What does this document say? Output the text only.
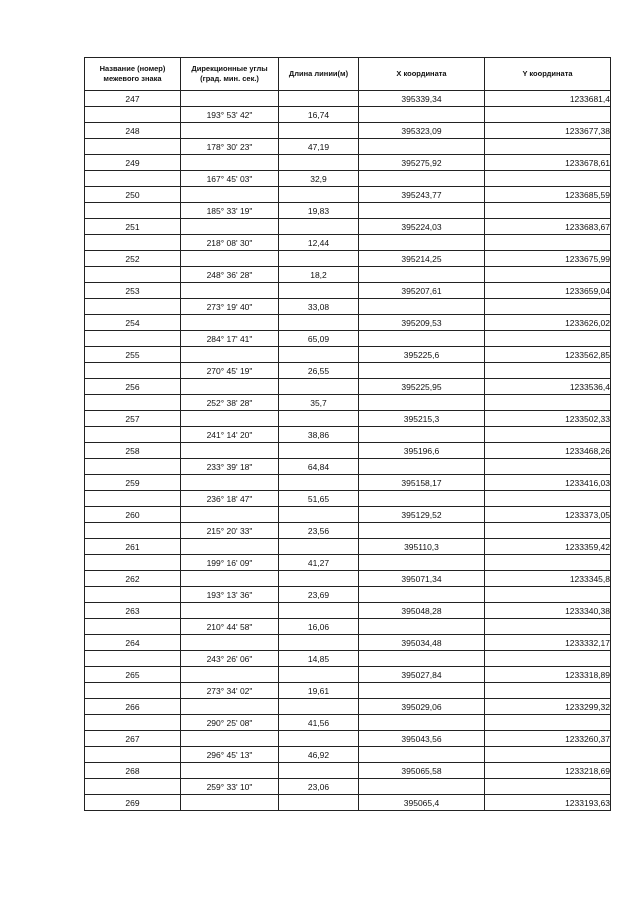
Название (номер)
межевого знака	Дирекционные углы
(град. мин. сек.)	Длина линии(м)	X координата	Y координата
247			395339,34	1233681,4
	193° 53' 42"	16,74		
248			395323,09	1233677,38
	178° 30' 23"	47,19		
249			395275,92	1233678,61
	167° 45' 03"	32,9		
250			395243,77	1233685,59
	185° 33' 19"	19,83		
251			395224,03	1233683,67
	218° 08' 30"	12,44		
252			395214,25	1233675,99
	248° 36' 28"	18,2		
253			395207,61	1233659,04
	273° 19' 40"	33,08		
254			395209,53	1233626,02
	284° 17' 41"	65,09		
255			395225,6	1233562,85
	270° 45' 19"	26,55		
256			395225,95	1233536,4
	252° 38' 28"	35,7		
257			395215,3	1233502,33
	241° 14' 20"	38,86		
258			395196,6	1233468,26
	233° 39' 18"	64,84		
259			395158,17	1233416,03
	236° 18' 47"	51,65		
260			395129,52	1233373,05
	215° 20' 33"	23,56		
261			395110,3	1233359,42
	199° 16' 09"	41,27		
262			395071,34	1233345,8
	193° 13' 36"	23,69		
263			395048,28	1233340,38
	210° 44' 58"	16,06		
264			395034,48	1233332,17
	243° 26' 06"	14,85		
265			395027,84	1233318,89
	273° 34' 02"	19,61		
266			395029,06	1233299,32
	290° 25' 08"	41,56		
267			395043,56	1233260,37
	296° 45' 13"	46,92		
268			395065,58	1233218,69
	259° 33' 10"	23,06		
269			395065,4	1233193,63
